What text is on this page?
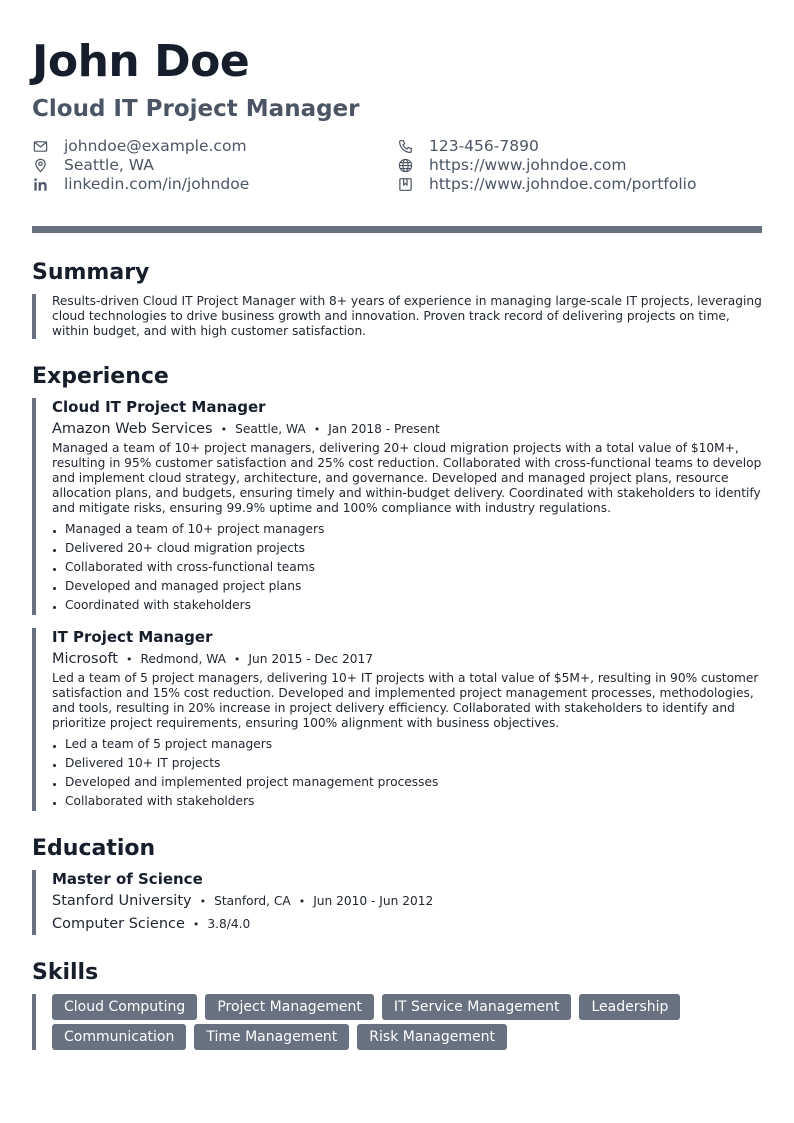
John Doe
Cloud IT Project Manager
johndoe@example.com	123-456-7890
Seattle, WA	https://www.johndoe.com
linkedin.com/in/johndoe	https://www.johndoe.com/portfolio
Summary
Results-driven Cloud IT Project Manager with 8+ years of experience in managing large-scale IT projects, leveraging cloud technologies to drive business growth and innovation. Proven track record of delivering projects on time, within budget, and with high customer satisfaction.
Experience
Cloud IT Project Manager
Amazon Web Services • Seattle, WA • Jan 2018 - Present
Managed a team of 10+ project managers, delivering 20+ cloud migration projects with a total value of $10M+, resulting in 95% customer satisfaction and 25% cost reduction. Collaborated with cross-functional teams to develop and implement cloud strategy, architecture, and governance. Developed and managed project plans, resource allocation plans, and budgets, ensuring timely and within-budget delivery. Coordinated with stakeholders to identify and mitigate risks, ensuring 99.9% uptime and 100% compliance with industry regulations.
Managed a team of 10+ project managers
Delivered 20+ cloud migration projects
Collaborated with cross-functional teams
Developed and managed project plans
Coordinated with stakeholders
IT Project Manager
Microsoft • Redmond, WA • Jun 2015 - Dec 2017
Led a team of 5 project managers, delivering 10+ IT projects with a total value of $5M+, resulting in 90% customer satisfaction and 15% cost reduction. Developed and implemented project management processes, methodologies, and tools, resulting in 20% increase in project delivery efficiency. Collaborated with stakeholders to identify and prioritize project requirements, ensuring 100% alignment with business objectives.
Led a team of 5 project managers
Delivered 10+ IT projects
Developed and implemented project management processes
Collaborated with stakeholders
Education
Master of Science
Stanford University • Stanford, CA • Jun 2010 - Jun 2012
Computer Science • 3.8/4.0
Skills
Cloud Computing	Project Management	IT Service Management	Leadership
Communication	Time Management	Risk Management
